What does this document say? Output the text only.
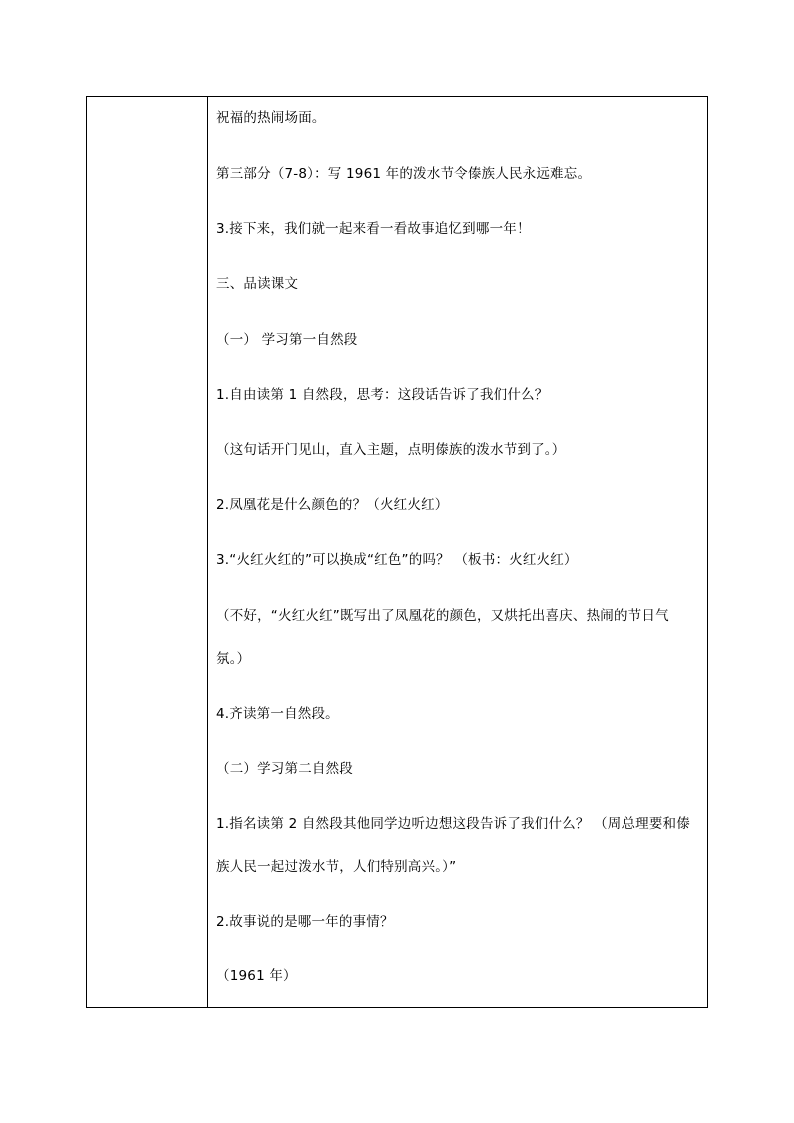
祝福的热闹场面。
第三部分（7-8）：写 1961 年的泼水节令傣族人民永远难忘。
3.接下来，我们就一起来看一看故事追忆到哪一年！
三、品读课文
（一） 学习第一自然段
1.自由读第 1 自然段，思考：这段话告诉了我们什么？
（这句话开门见山，直入主题，点明傣族的泼水节到了。）
2.凤凰花是什么颜色的？（火红火红）
3.“火红火红的”可以换成“红色”的吗？ （板书：火红火红）
（不好，“火红火红”既写出了凤凰花的颜色，又烘托出喜庆、热闹的节日气
氛。）
4.齐读第一自然段。
（二）学习第二自然段
1.指名读第 2 自然段其他同学边听边想这段告诉了我们什么？ （周总理要和傣
族人民一起过泼水节，人们特别高兴。）”
2.故事说的是哪一年的事情？
（1961 年）
